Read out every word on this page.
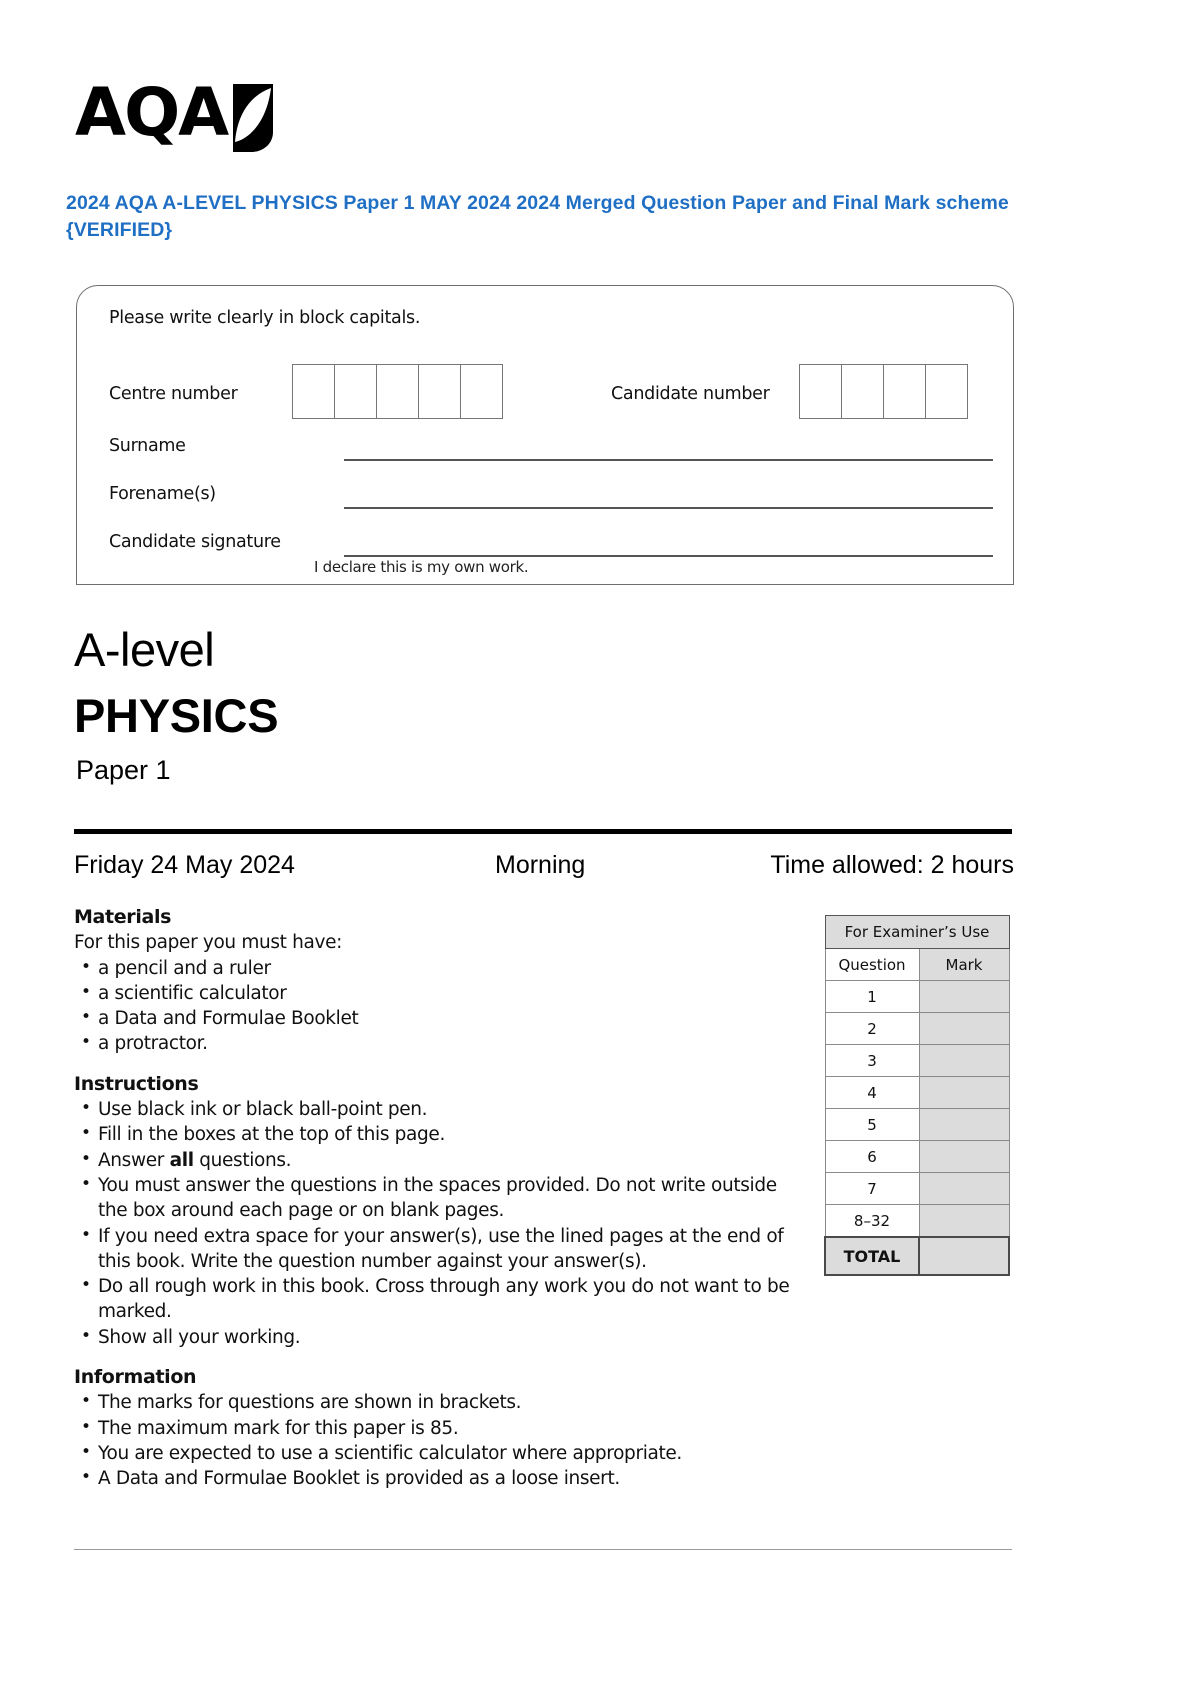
AQA
2024 AQA A-LEVEL PHYSICS Paper 1 MAY 2024 2024 Merged Question Paper and Final Mark scheme {VERIFIED}
Please write clearly in block capitals.
Centre number	Candidate number
Surname
Forename(s)
Candidate signature
I declare this is my own work.
A-level
PHYSICS
Paper 1
Friday 24 May 2024	Morning	Time allowed: 2 hours
Materials
For this paper you must have:
• a pencil and a ruler
• a scientific calculator
• a Data and Formulae Booklet
• a protractor.
Instructions
• Use black ink or black ball-point pen.
• Fill in the boxes at the top of this page.
• Answer all questions.
• You must answer the questions in the spaces provided. Do not write outside the box around each page or on blank pages.
• If you need extra space for your answer(s), use the lined pages at the end of this book. Write the question number against your answer(s).
• Do all rough work in this book. Cross through any work you do not want to be marked.
• Show all your working.
Information
• The marks for questions are shown in brackets.
• The maximum mark for this paper is 85.
• You are expected to use a scientific calculator where appropriate.
• A Data and Formulae Booklet is provided as a loose insert.
For Examiner’s Use	
Question	Mark
1	
2	
3	
4	
5	
6	
7	
8–32	
TOTAL	
